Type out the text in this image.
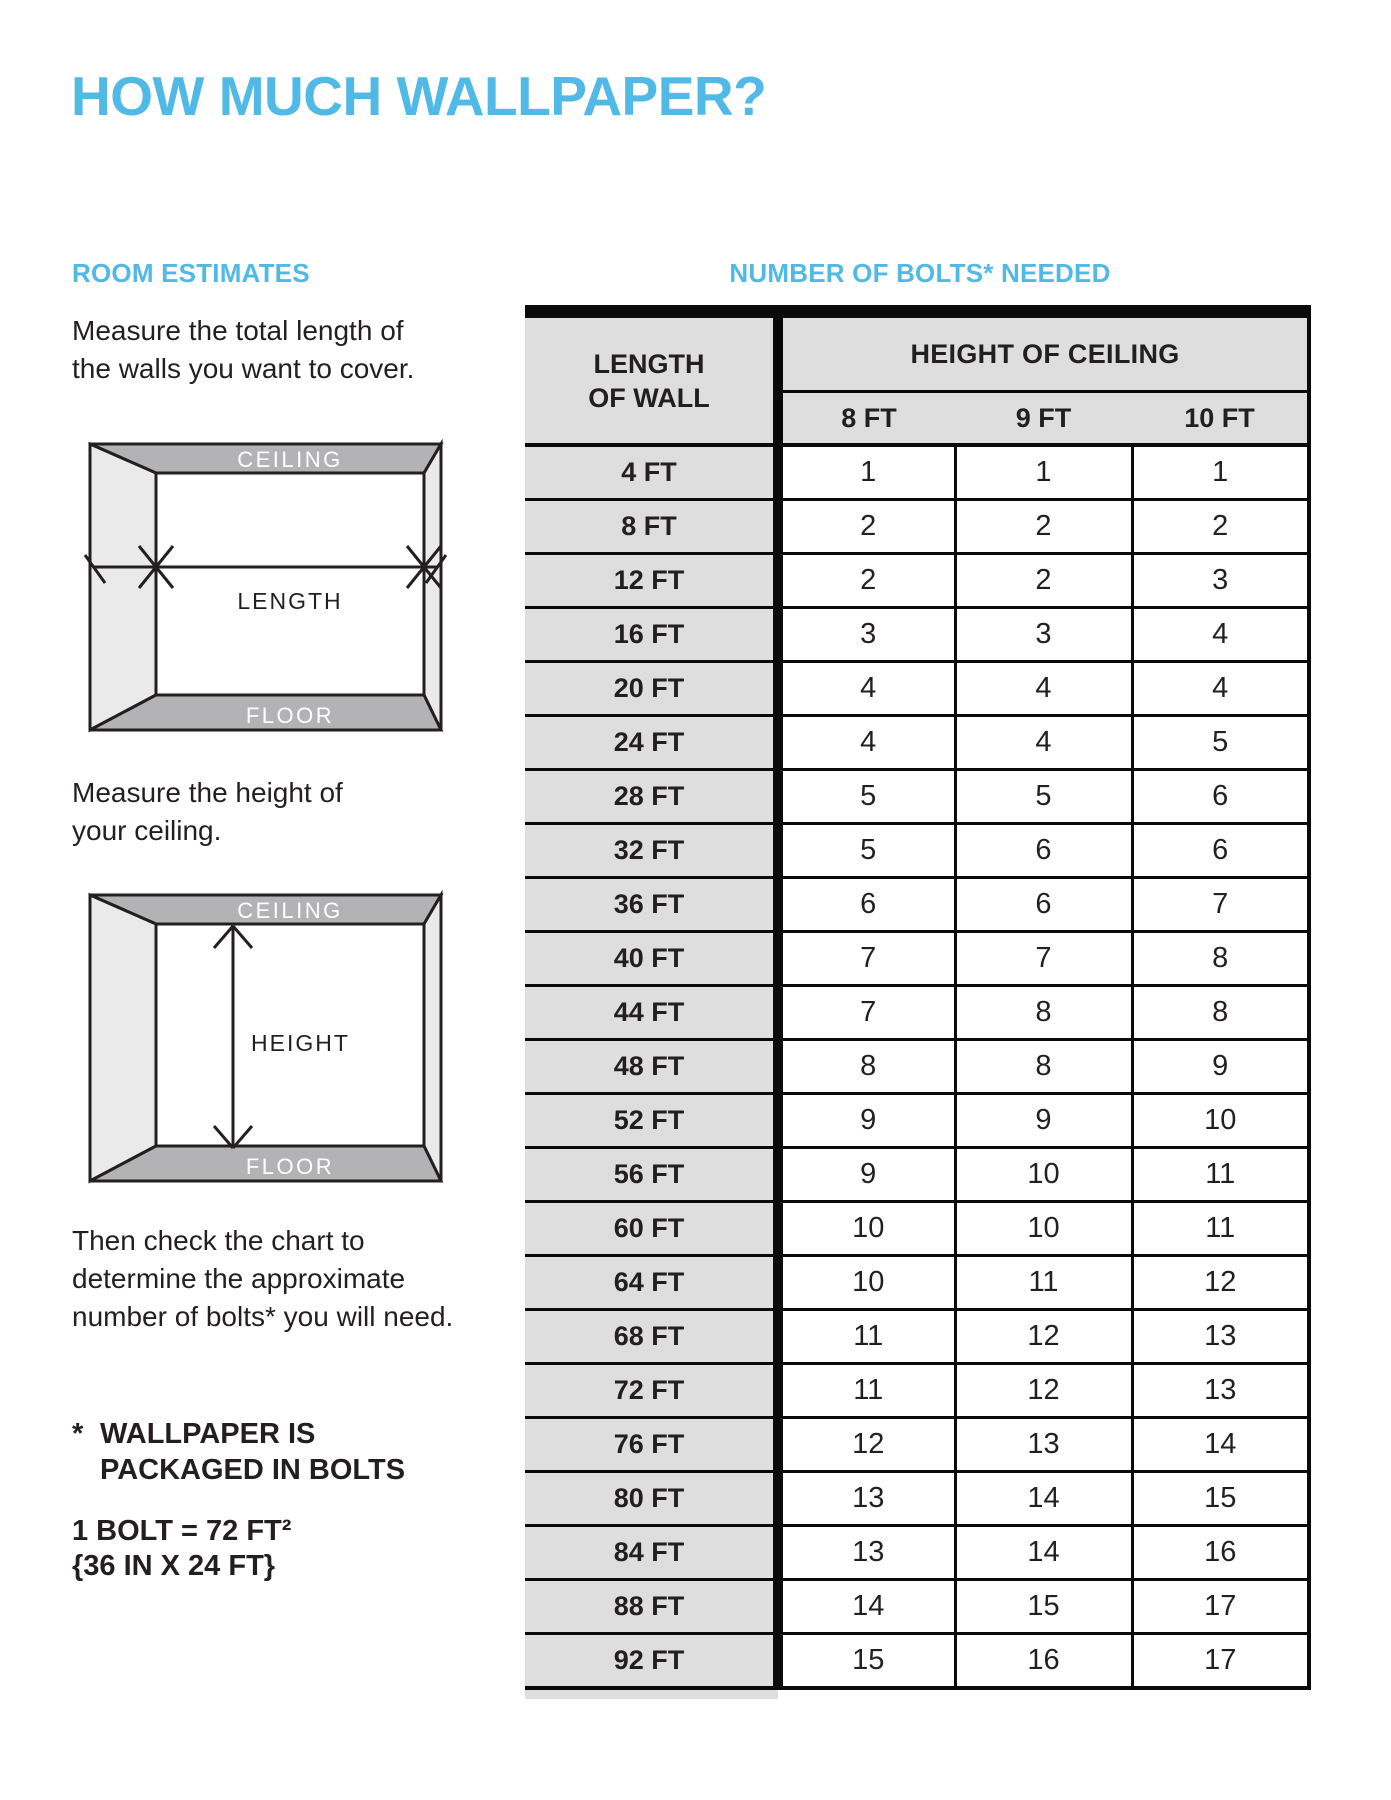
HOW MUCH WALLPAPER?
ROOM ESTIMATES
Measure the total length of
the walls you want to cover.
CEILING
LENGTH
FLOOR
Measure the height of
your ceiling.
CEILING
HEIGHT
FLOOR
Then check the chart to
determine the approximate
number of bolts* you will need.
* WALLPAPER IS
PACKAGED IN BOLTS
1 BOLT = 72 FT²
{36 IN X 24 FT}
NUMBER OF BOLTS* NEEDED
LENGTH
OF WALL	HEIGHT OF CEILING		
	8 FT	9 FT	10 FT
4 FT	1	1	1
8 FT	2	2	2
12 FT	2	2	3
16 FT	3	3	4
20 FT	4	4	4
24 FT	4	4	5
28 FT	5	5	6
32 FT	5	6	6
36 FT	6	6	7
40 FT	7	7	8
44 FT	7	8	8
48 FT	8	8	9
52 FT	9	9	10
56 FT	9	10	11
60 FT	10	10	11
64 FT	10	11	12
68 FT	11	12	13
72 FT	11	12	13
76 FT	12	13	14
80 FT	13	14	15
84 FT	13	14	16
88 FT	14	15	17
92 FT	15	16	17
